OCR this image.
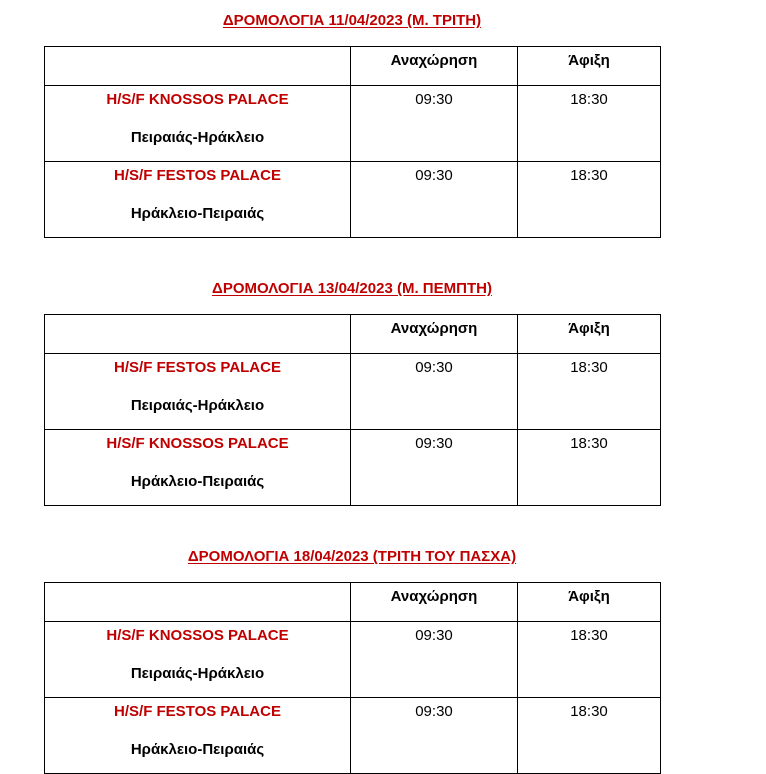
ΔΡΟΜΟΛΟΓΙΑ 11/04/2023 (Μ. ΤΡΙΤΗ)

	Αναχώρηση	Άφιξη

H/S/F KNOSSOS PALACE
Πειραιάς-Ηράκλειο	09:30	18:30

H/S/F FESTOS PALACE
Ηράκλειο-Πειραιάς	09:30	18:30
ΔΡΟΜΟΛΟΓΙΑ 13/04/2023 (Μ. ΠΕΜΠΤΗ)

	Αναχώρηση	Άφιξη

H/S/F FESTOS PALACE
Πειραιάς-Ηράκλειο	09:30	18:30

H/S/F KNOSSOS PALACE
Ηράκλειο-Πειραιάς	09:30	18:30
ΔΡΟΜΟΛΟΓΙΑ 18/04/2023 (ΤΡΙΤΗ ΤΟΥ ΠΑΣΧΑ)

	Αναχώρηση	Άφιξη

H/S/F KNOSSOS PALACE
Πειραιάς-Ηράκλειο	09:30	18:30

H/S/F FESTOS PALACE
Ηράκλειο-Πειραιάς	09:30	18:30
